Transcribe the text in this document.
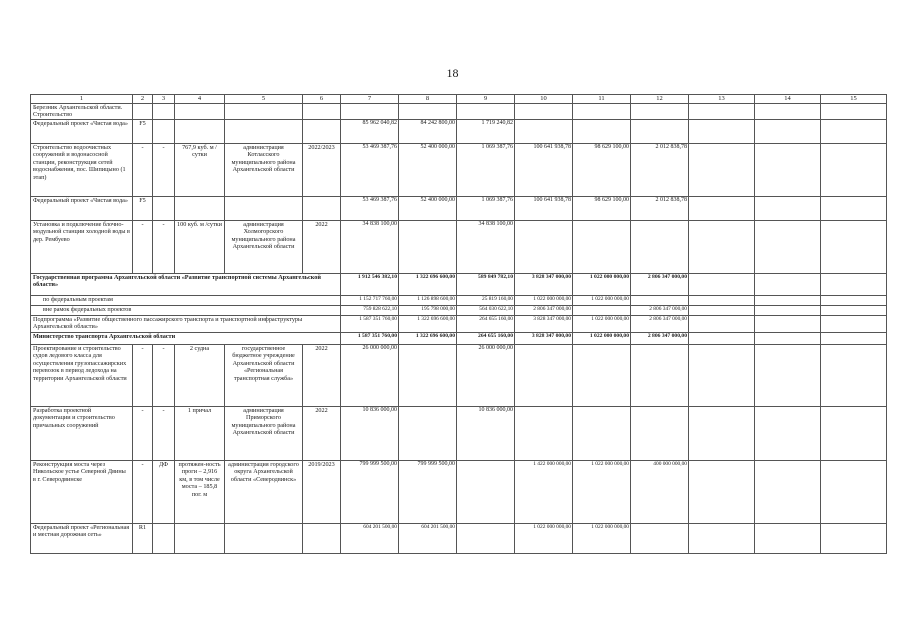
18
1	2	3	4	5	6	7	8	9	10	11	12	13	14	15
Березник Архангельской области. Строительство														
Федеральный проект «Чистая вода»	F5					85 962 040,82	84 242 800,00	1 719 240,82						
Строительство водоочистных сооружений и водонасосной станции, реконструкция сетей водоснабжения, пос. Шипицыно (1 этап)	-	-	767,9 куб. м /сутки	администрация Котласского муниципального района Архангельской области	2022/2023	53 469 387,76	52 400 000,00	1 069 387,76	100 641 938,78	98 629 100,00	2 012 838,78			
Федеральный проект «Чистая вода»	F5					53 469 387,76	52 400 000,00	1 069 387,76	100 641 938,78	98 629 100,00	2 012 838,78			
Установка и подключение блочно-модульной станции холодной воды в дер. Рембуево	-	-	100 куб. м /сутки	администрация Холмогорского муниципального района Архангельской области	2022	34 838 100,00		34 838 100,00						
Государственная программа Архангельской области «Развитие транспортной системы Архангельской области»						1 912 546 382,10	1 322 696 600,00	589 849 782,10	3 828 347 000,00	1 022 000 000,00	2 806 347 000,00			
по федеральным проектам						1 152 717 760,00	1 126 898 600,00	25 819 160,00	1 022 000 000,00	1 022 000 000,00				
вне рамок федеральных проектов						759 828 622,10	195 798 000,00	564 030 622,10	2 806 347 000,00		2 806 347 000,00			
Подпрограмма «Развитие общественного пассажирского транспорта и транспортной инфраструктуры Архангельской области»						1 587 351 760,00	1 322 696 600,00	264 655 160,00	3 828 347 000,00	1 022 000 000,00	2 806 347 000,00			
Министерство транспорта Архангельской области						1 587 351 760,00	1 322 696 600,00	264 655 160,00	3 828 347 000,00	1 022 000 000,00	2 806 347 000,00			
Проектирование и строительство судов ледового класса для осуществления грузопассажирских перевозок в период ледохода на территории Архангельской области	-	-	2 судна	государственное бюджетное учреждение Архангельской области «Региональная транспортная служба»	2022	26 000 000,00		26 000 000,00						
Разработка проектной документации и строительство причальных сооружений	-	-	1 причал	администрация Приморского муниципального района Архангельской области	2022	10 836 000,00		10 836 000,00						
Реконструкция моста через Никольское устье Северной Двины в г. Северодвинске	-	ДФ	протяжен-ность проги – 2,916 км, в том числе моста – 185,8 пог. м	администрация городского округа Архангельской области «Северодвинск»	2019/2023	799 999 500,00	799 999 500,00		1 422 000 000,00	1 022 000 000,00	400 000 000,00			
Федеральный проект «Региональная и местная дорожная сеть»	R1					604 201 500,00	604 201 500,00		1 022 000 000,00	1 022 000 000,00				
